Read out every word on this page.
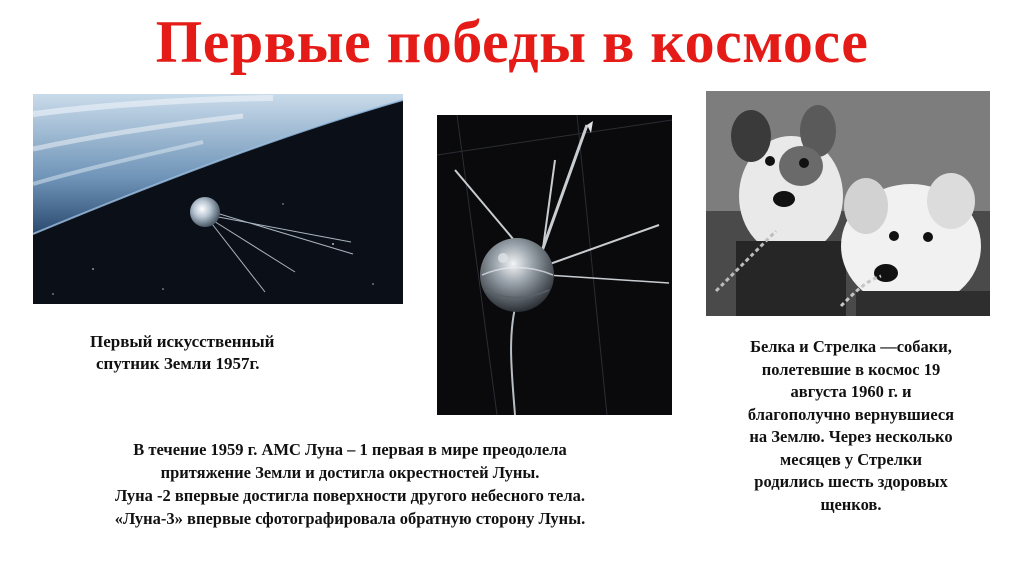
Первые победы в космосе
Первый искусственный
спутник Земли 1957г.
Белка и Стрелка —собаки,
полетевшие в космос 19
августа 1960 г. и
благополучно вернувшиеся
на Землю. Через несколько
месяцев у Стрелки
родились шесть здоровых
щенков.
В течение 1959 г. АМС Луна – 1 первая в мире преодолела
притяжение Земли и достигла окрестностей Луны.
Луна -2 впервые достигла поверхности другого небесного тела.
«Луна-3» впервые сфотографировала обратную сторону Луны.
